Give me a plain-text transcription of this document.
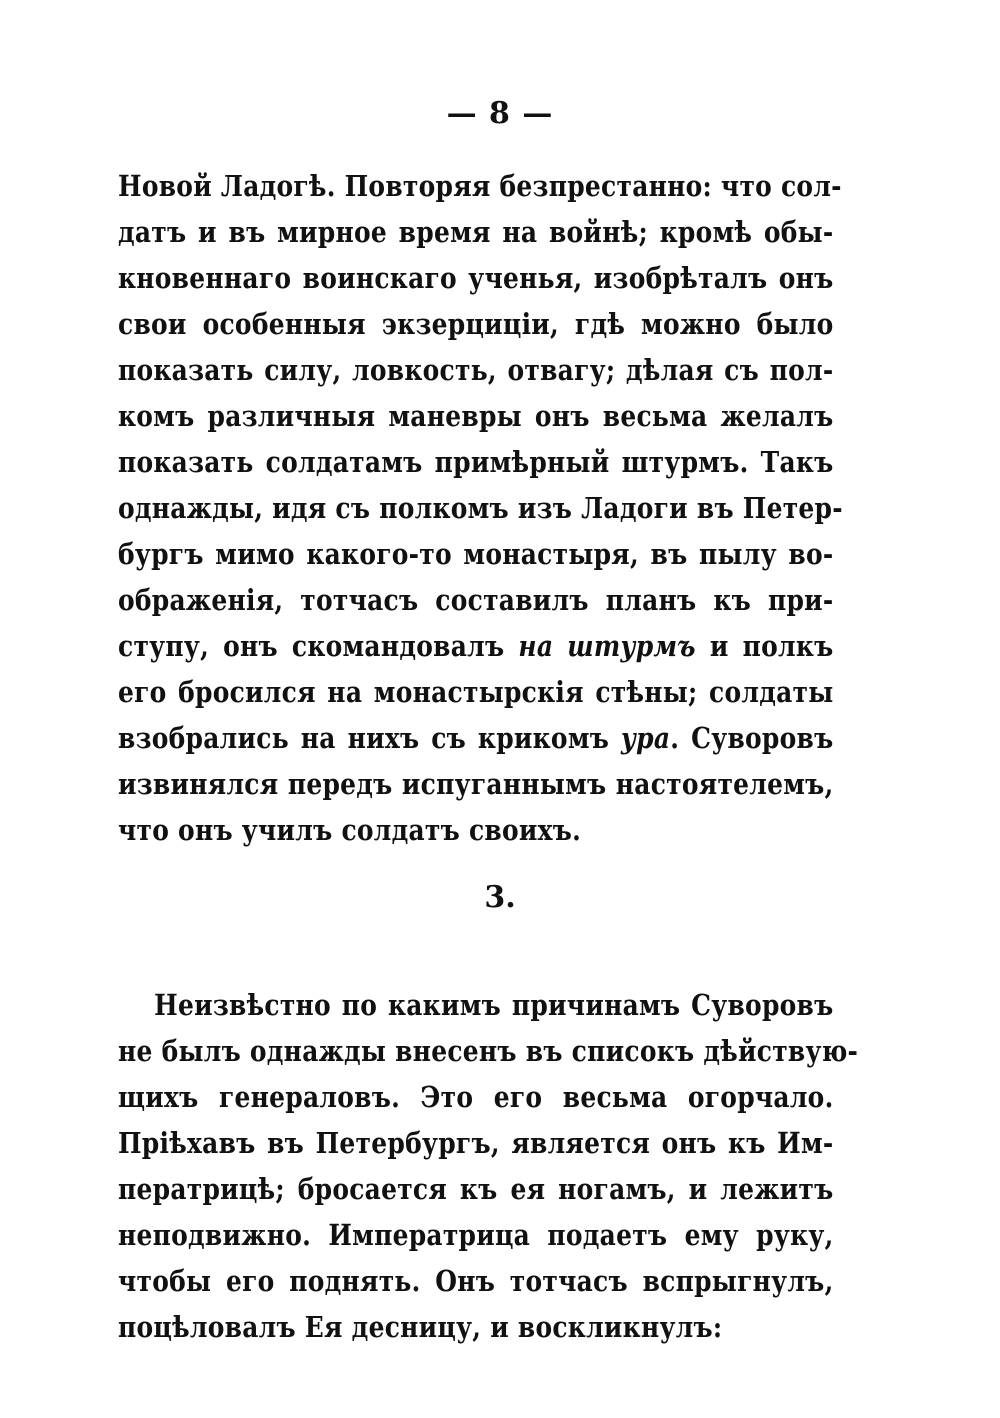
— 8 —
Новой Ладогѣ. Повторяя безпрестанно: что сол-
датъ и въ мирное время на войнѣ; кромѣ обы-
кновеннаго воинскаго ученья, изобрѣталъ онъ
свои особенныя экзерциціи, гдѣ можно было
показать силу, ловкость, отвагу; дѣлая съ пол-
комъ различныя маневры онъ весьма желалъ
показать солдатамъ примѣрный штурмъ. Такъ
однажды, идя съ полкомъ изъ Ладоги въ Петер-
бургъ мимо какого-то монастыря, въ пылу во-
ображенія, тотчасъ составилъ планъ къ при-
ступу, онъ скомандовалъ на штурмъ и полкъ
его бросился на монастырскія стѣны; солдаты
взобрались на нихъ съ крикомъ ура. Суворовъ
извинялся передъ испуганнымъ настоятелемъ,
что онъ училъ солдатъ своихъ.
3.
Неизвѣстно по какимъ причинамъ Суворовъ
не былъ однажды внесенъ въ списокъ дѣйствую-
щихъ генераловъ. Это его весьма огорчало.
Пріѣхавъ въ Петербургъ, является онъ къ Им-
ператрицѣ; бросается къ ея ногамъ, и лежитъ
неподвижно. Императрица подаетъ ему руку,
чтобы его поднять. Онъ тотчасъ вспрыгнулъ,
поцѣловалъ Ея десницу, и воскликнулъ:
